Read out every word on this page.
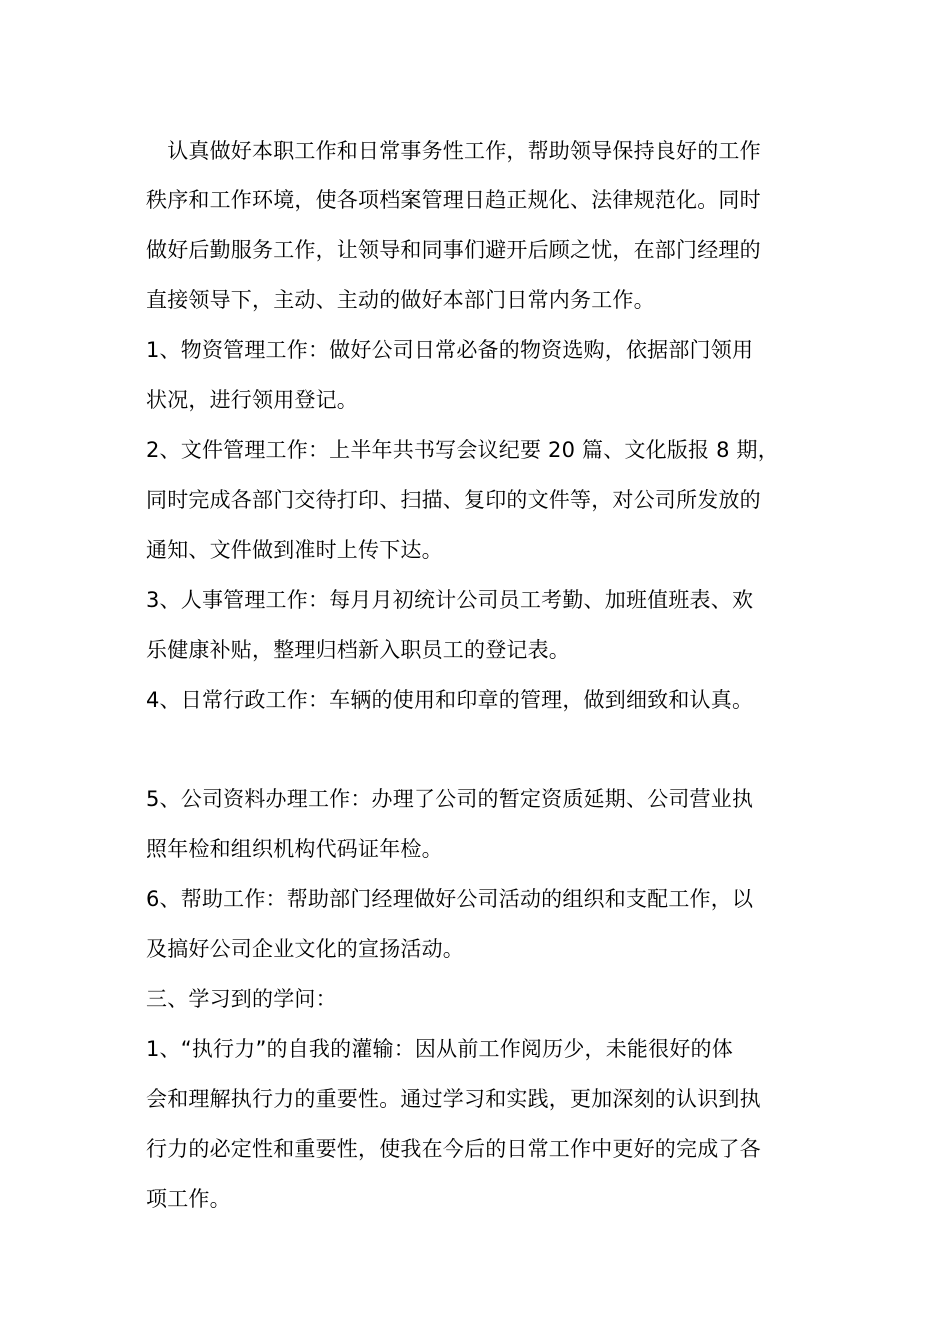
　认真做好本职工作和日常事务性工作，帮助领导保持良好的工作
秩序和工作环境，使各项档案管理日趋正规化、法律规范化。同时
做好后勤服务工作，让领导和同事们避开后顾之忧，在部门经理的
直接领导下，主动、主动的做好本部门日常内务工作。
1、物资管理工作：做好公司日常必备的物资选购，依据部门领用
状况，进行领用登记。
2、文件管理工作：上半年共书写会议纪要 20 篇、文化版报 8 期，
同时完成各部门交待打印、扫描、复印的文件等，对公司所发放的
通知、文件做到准时上传下达。
3、人事管理工作：每月月初统计公司员工考勤、加班值班表、欢
乐健康补贴，整理归档新入职员工的登记表。
4、日常行政工作：车辆的使用和印章的管理，做到细致和认真。
5、公司资料办理工作：办理了公司的暂定资质延期、公司营业执
照年检和组织机构代码证年检。
6、帮助工作：帮助部门经理做好公司活动的组织和支配工作，以
及搞好公司企业文化的宣扬活动。
三、学习到的学问：
1、“执行力”的自我的灌输：因从前工作阅历少，未能很好的体
会和理解执行力的重要性。通过学习和实践，更加深刻的认识到执
行力的必定性和重要性，使我在今后的日常工作中更好的完成了各
项工作。
